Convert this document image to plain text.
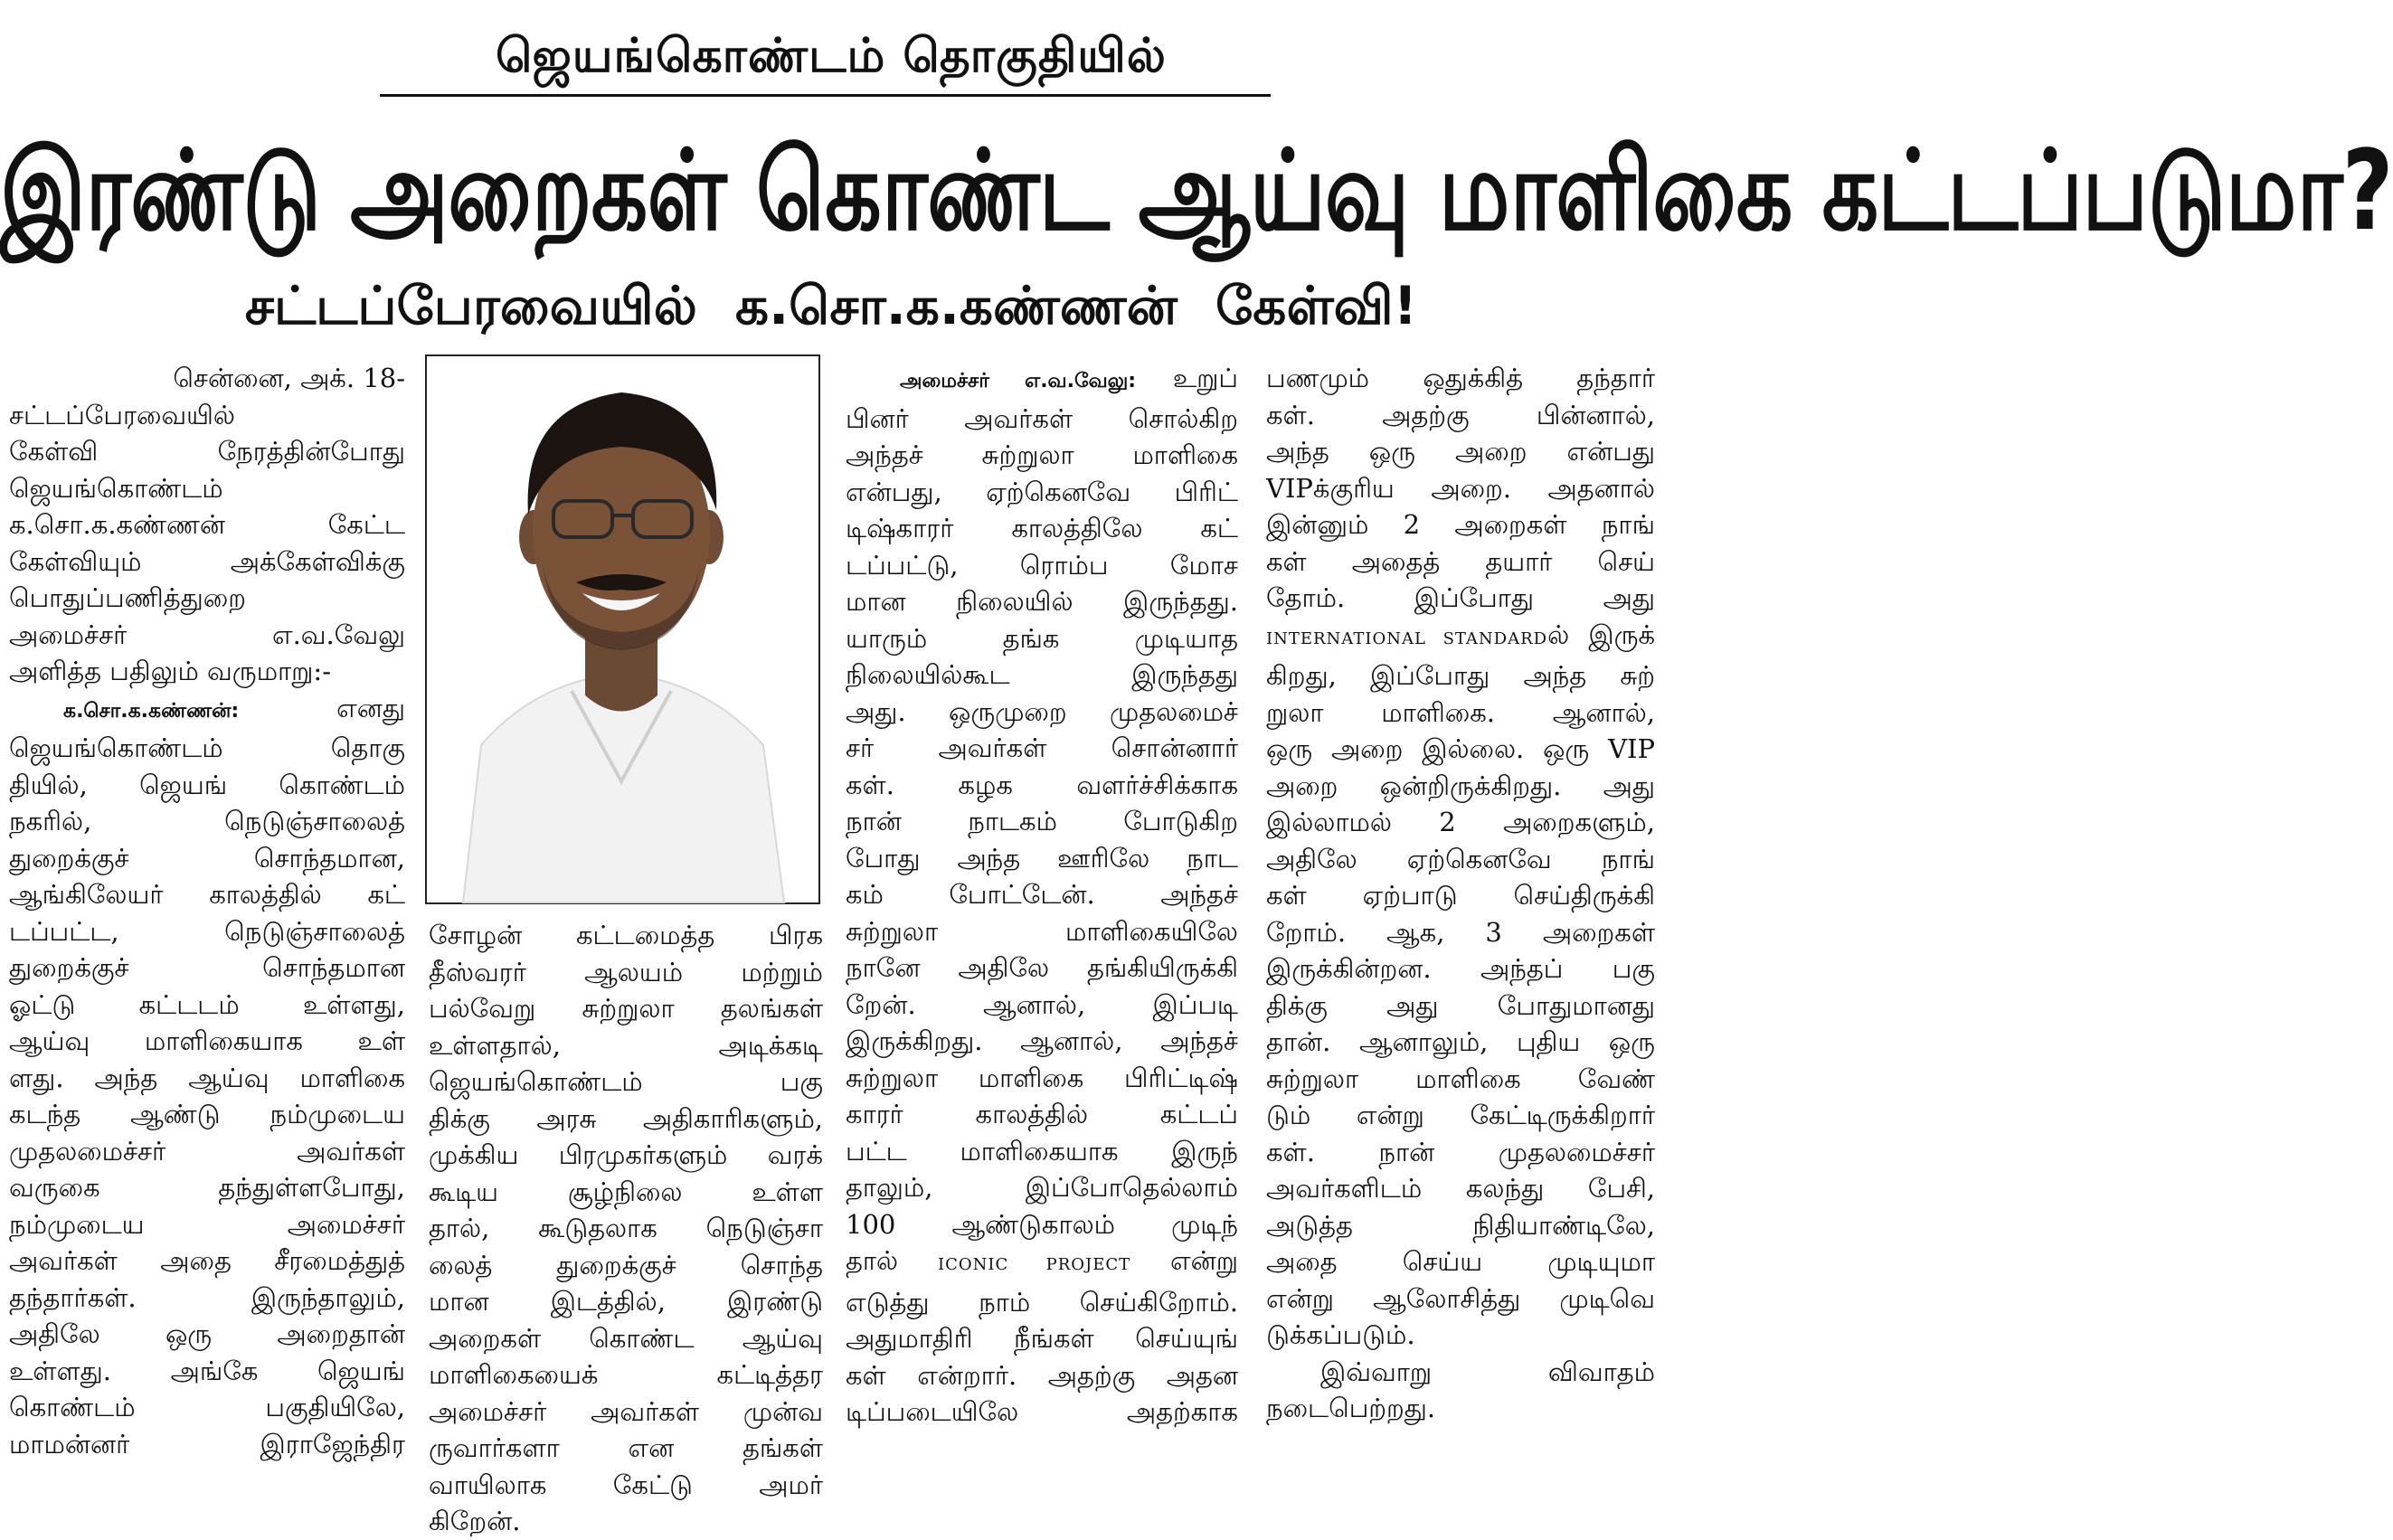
ஜெயங்கொண்டம் தொகுதியில்
இரண்டு அறைகள் கொண்ட ஆய்வு மாளிகை கட்டப்படுமா?
சட்டப்பேரவையில் க.சொ.க.கண்ணன் கேள்வி!

சென்னை, அக். 18-

சட்டப்பேரவையில்

கேள்வி நேரத்தின்போது

ஜெயங்கொண்டம்

க.சொ.க.கண்ணன் கேட்ட

கேள்வியும் அக்கேள்விக்கு

பொதுப்பணித்துறை

அமைச்சர் எ.வ.வேலு

அளித்த பதிலும் வருமாறு:-

க.சொ.க.கண்ணன்:	எனது

ஜெயங்கொண்டம் தொகு

தியில், ஜெயங் கொண்டம்

நகரில், நெடுஞ்சாலைத்

துறைக்குச் சொந்தமான,

ஆங்கிலேயர் காலத்தில் கட்

டப்பட்ட, நெடுஞ்சாலைத்

துறைக்குச் சொந்தமான

ஓட்டு கட்டடம் உள்ளது,

ஆய்வு மாளிகையாக உள்

ளது. அந்த ஆய்வு மாளிகை

கடந்த ஆண்டு நம்முடைய

முதலமைச்சர் அவர்கள்

வருகை தந்துள்ளபோது,

நம்முடைய அமைச்சர்

அவர்கள் அதை சீரமைத்துத்

தந்தார்கள். இருந்தாலும்,

அதிலே ஒரு அறைதான்

உள்ளது. அங்கே ஜெயங்

கொண்டம் பகுதியிலே,

மாமன்னர் இராஜேந்திர

சோழன் கட்டமைத்த பிரக

தீஸ்வரர் ஆலயம் மற்றும்

பல்வேறு சுற்றுலா தலங்கள்

உள்ளதால், அடிக்கடி

ஜெயங்கொண்டம் பகு

திக்கு அரசு அதிகாரிகளும்,

முக்கிய பிரமுகர்களும் வரக்

கூடிய சூழ்நிலை உள்ள

தால், கூடுதலாக நெடுஞ்சா

லைத் துறைக்குச் சொந்த

மான இடத்தில், இரண்டு

அறைகள் கொண்ட ஆய்வு

மாளிகையைக் கட்டித்தர

அமைச்சர் அவர்கள் முன்வ

ருவார்களா என தங்கள்

வாயிலாக கேட்டு அமர்

கிறேன்.

அமைச்சர் எ.வ.வேலு: உறுப்

பினர் அவர்கள் சொல்கிற

அந்தச் சுற்றுலா மாளிகை

என்பது, ஏற்கெனவே பிரிட்

டிஷ்காரர் காலத்திலே கட்

டப்பட்டு, ரொம்ப மோச

மான நிலையில் இருந்தது.

யாரும் தங்க முடியாத

நிலையில்கூட இருந்தது

அது. ஒருமுறை முதலமைச்

சர் அவர்கள் சொன்னார்

கள். கழக வளர்ச்சிக்காக

நான் நாடகம் போடுகிற

போது அந்த ஊரிலே நாட

கம் போட்டேன். அந்தச்

சுற்றுலா மாளிகையிலே

நானே அதிலே தங்கியிருக்கி

றேன். ஆனால், இப்படி

இருக்கிறது. ஆனால், அந்தச்

சுற்றுலா மாளிகை பிரிட்டிஷ்

காரர் காலத்தில் கட்டப்

பட்ட மாளிகையாக இருந்

தாலும், இப்போதெல்லாம்

100 ஆண்டுகாலம் முடிந்

தால் ICONIC PROJECT என்று

எடுத்து நாம் செய்கிறோம்.

அதுமாதிரி நீங்கள் செய்யுங்

கள் என்றார். அதற்கு அதன

டிப்படையிலே அதற்காக

பணமும் ஒதுக்கித் தந்தார்

கள். அதற்கு பின்னால்,

அந்த ஒரு அறை என்பது

VIPக்குரிய அறை. அதனால்

இன்னும் 2 அறைகள் நாங்

கள் அதைத் தயார் செய்

தோம். இப்போது அது

INTERNATIONAL STANDARDல் இருக்

கிறது, இப்போது அந்த சுற்

றுலா மாளிகை. ஆனால்,

ஒரு அறை இல்லை. ஒரு VIP

அறை ஒன்றிருக்கிறது. அது

இல்லாமல் 2 அறைகளும்,

அதிலே ஏற்கெனவே நாங்

கள் ஏற்பாடு செய்திருக்கி

றோம். ஆக, 3 அறைகள்

இருக்கின்றன. அந்தப் பகு

திக்கு அது போதுமானது

தான். ஆனாலும், புதிய ஒரு

சுற்றுலா மாளிகை வேண்

டும் என்று கேட்டிருக்கிறார்

கள். நான் முதலமைச்சர்

அவர்களிடம் கலந்து பேசி,

அடுத்த நிதியாண்டிலே,

அதை செய்ய முடியுமா

என்று ஆலோசித்து முடிவெ

டுக்கப்படும்.

இவ்வாறு விவாதம்

நடைபெற்றது.
